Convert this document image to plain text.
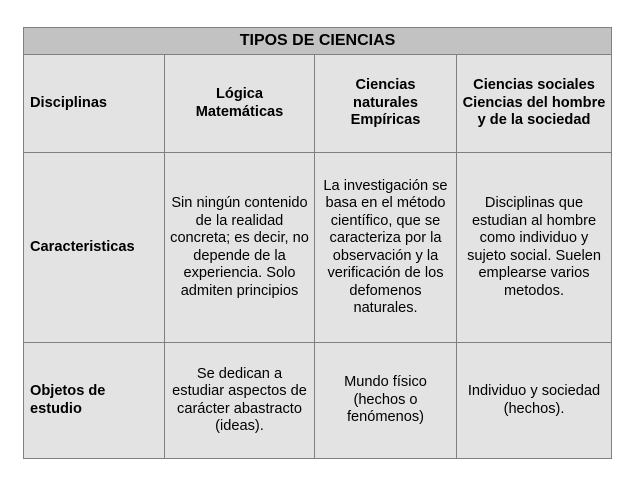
TIPOS DE CIENCIAS			
Disciplinas	Lógica Matemáticas	Ciencias naturales Empíricas	Ciencias sociales Ciencias del hombre y de la sociedad

Caracteristicas	Sin ningún contenido de la realidad concreta; es decir, no depende de la experiencia. Solo admiten principios	La investigación se basa en el método científico, que se caracteriza por la observación y la verificación de los defomenos naturales.	Disciplinas que estudian al hombre como individuo y sujeto social. Suelen emplearse varios metodos.

Objetos de estudio	Se dedican a estudiar aspectos de carácter abastracto (ideas).	Mundo físico (hechos o fenómenos)	Individuo y sociedad (hechos).
